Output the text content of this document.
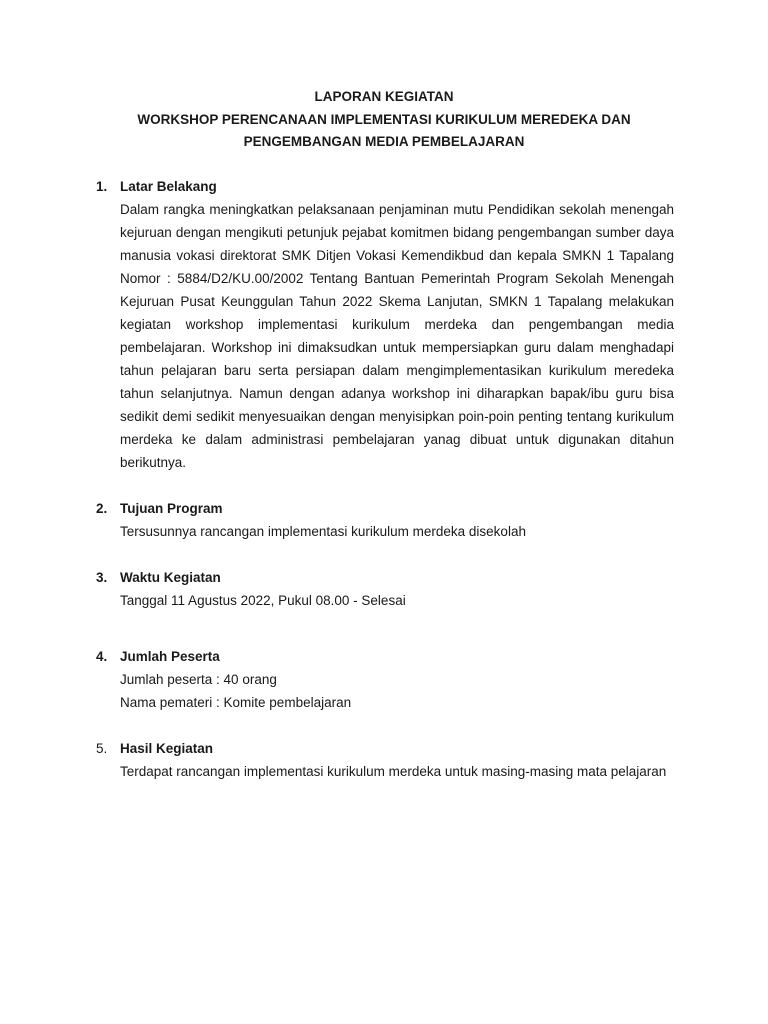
LAPORAN KEGIATAN
WORKSHOP PERENCANAAN IMPLEMENTASI KURIKULUM MEREDEKA DAN
PENGEMBANGAN MEDIA PEMBELAJARAN
1. Latar Belakang

Dalam rangka meningkatkan pelaksanaan penjaminan mutu Pendidikan sekolah menengah kejuruan dengan mengikuti petunjuk pejabat komitmen bidang pengembangan sumber daya manusia vokasi direktorat SMK Ditjen Vokasi Kemendikbud dan kepala SMKN 1 Tapalang Nomor : 5884/D2/KU.00/2002 Tentang Bantuan Pemerintah Program Sekolah Menengah Kejuruan Pusat Keunggulan Tahun 2022 Skema Lanjutan, SMKN 1 Tapalang melakukan kegiatan workshop implementasi kurikulum merdeka dan pengembangan media pembelajaran. Workshop ini dimaksudkan untuk mempersiapkan guru dalam menghadapi tahun pelajaran baru serta persiapan dalam mengimplementasikan kurikulum meredeka tahun selanjutnya. Namun dengan adanya workshop ini diharapkan bapak/ibu guru bisa sedikit demi sedikit menyesuaikan dengan menyisipkan poin-poin penting tentang kurikulum merdeka ke dalam administrasi pembelajaran yanag dibuat untuk digunakan ditahun berikutnya.

2. Tujuan Program
Tersusunnya rancangan implementasi kurikulum merdeka disekolah
3. Waktu Kegiatan
Tanggal 11 Agustus 2022, Pukul 08.00 - Selesai
4. Jumlah Peserta
Jumlah peserta : 40 orang
Nama pemateri : Komite pembelajaran
5. Hasil Kegiatan

Terdapat rancangan implementasi kurikulum merdeka untuk masing-masing mata pelajaran
